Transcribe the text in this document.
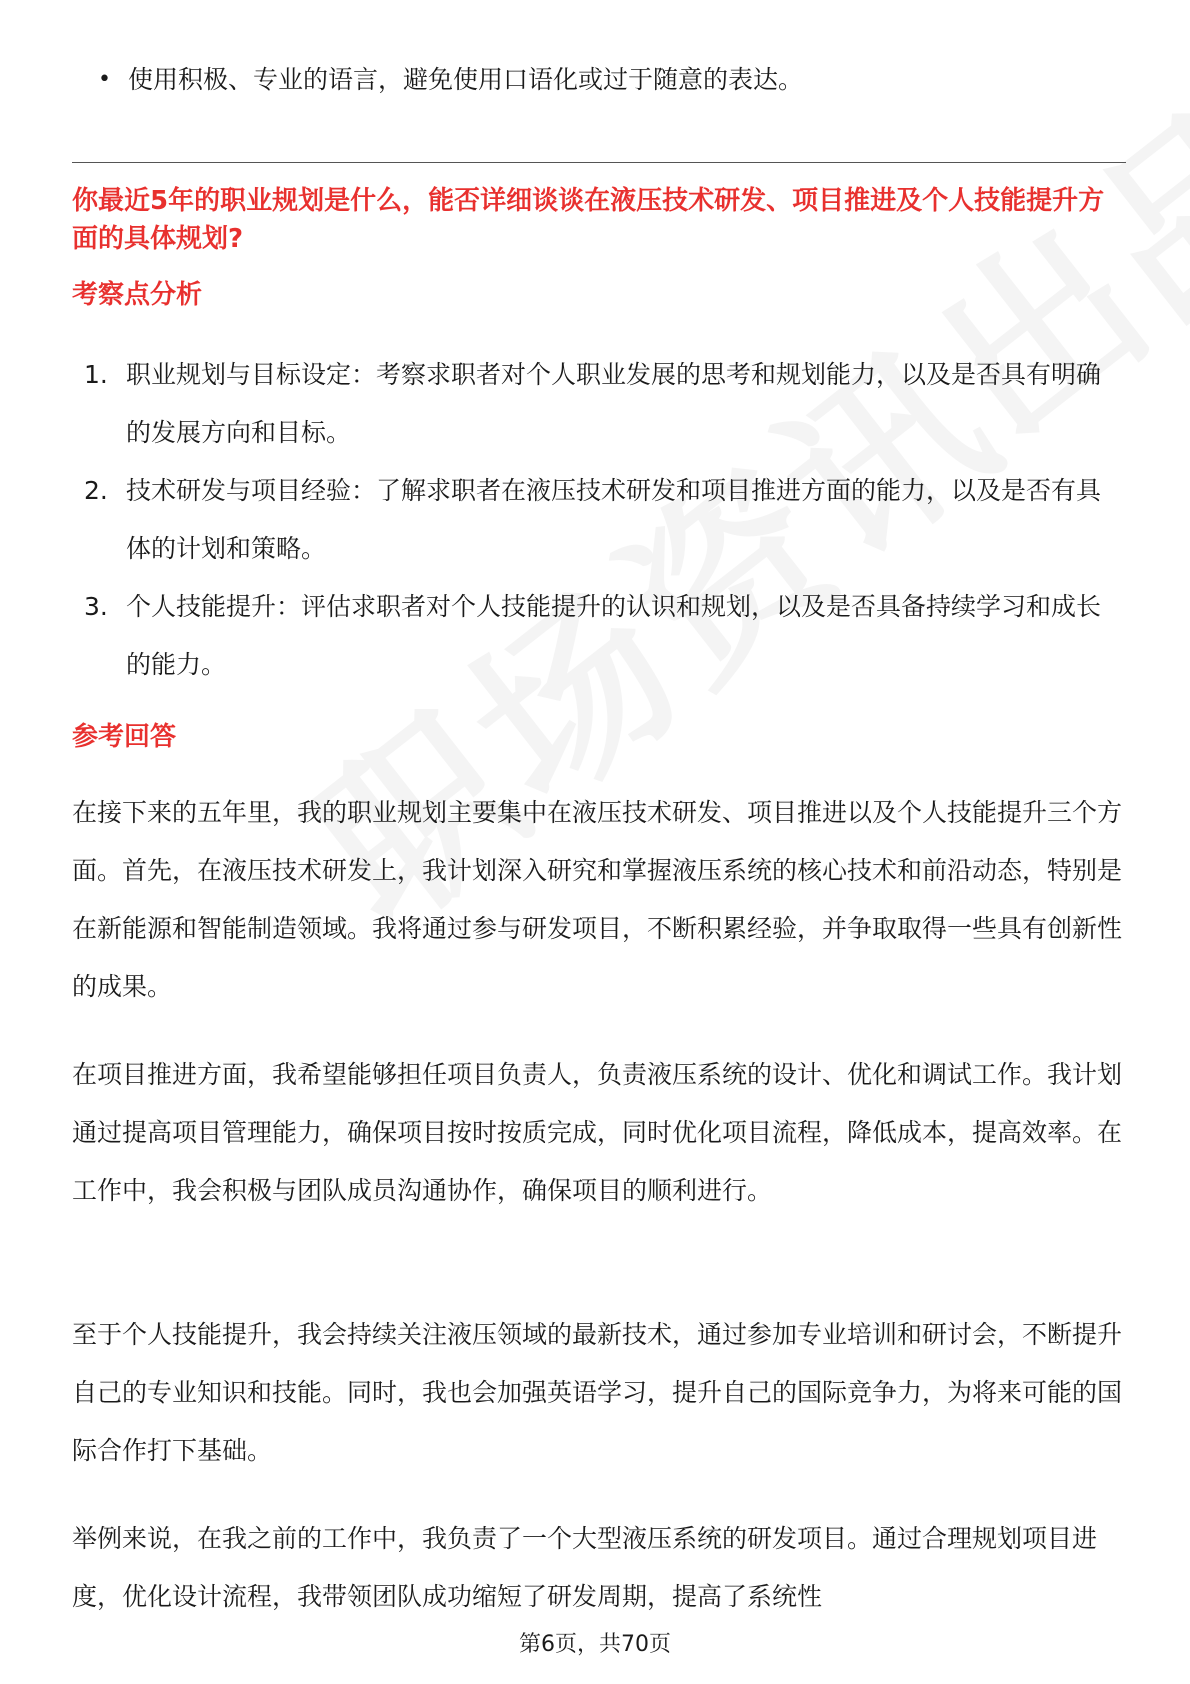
• 使用积极、专业的语言，避免使用口语化或过于随意的表达。
你最近5年的职业规划是什么，能否详细谈谈在液压技术研发、项目推进及个人技能提升方面的具体规划?
考察点分析
1. 职业规划与目标设定：考察求职者对个人职业发展的思考和规划能力，以及是否具有明确的发展方向和目标。
2. 技术研发与项目经验：了解求职者在液压技术研发和项目推进方面的能力，以及是否有具体的计划和策略。
3. 个人技能提升：评估求职者对个人技能提升的认识和规划，以及是否具备持续学习和成长的能力。
参考回答

在接下来的五年里，我的职业规划主要集中在液压技术研发、项目推进以及个人技能提升三个方面。首先，在液压技术研发上，我计划深入研究和掌握液压系统的核心技术和前沿动态，特别是在新能源和智能制造领域。我将通过参与研发项目，不断积累经验，并争取取得一些具有创新性的成果。

在项目推进方面，我希望能够担任项目负责人，负责液压系统的设计、优化和调试工作。我计划通过提高项目管理能力，确保项目按时按质完成，同时优化项目流程，降低成本，提高效率。在工作中，我会积极与团队成员沟通协作，确保项目的顺利进行。

至于个人技能提升，我会持续关注液压领域的最新技术，通过参加专业培训和研讨会，不断提升自己的专业知识和技能。同时，我也会加强英语学习，提升自己的国际竞争力，为将来可能的国际合作打下基础。

举例来说，在我之前的工作中，我负责了一个大型液压系统的研发项目。通过合理规划项目进度，优化设计流程，我带领团队成功缩短了研发周期，提高了系统性

第6页，共70页
